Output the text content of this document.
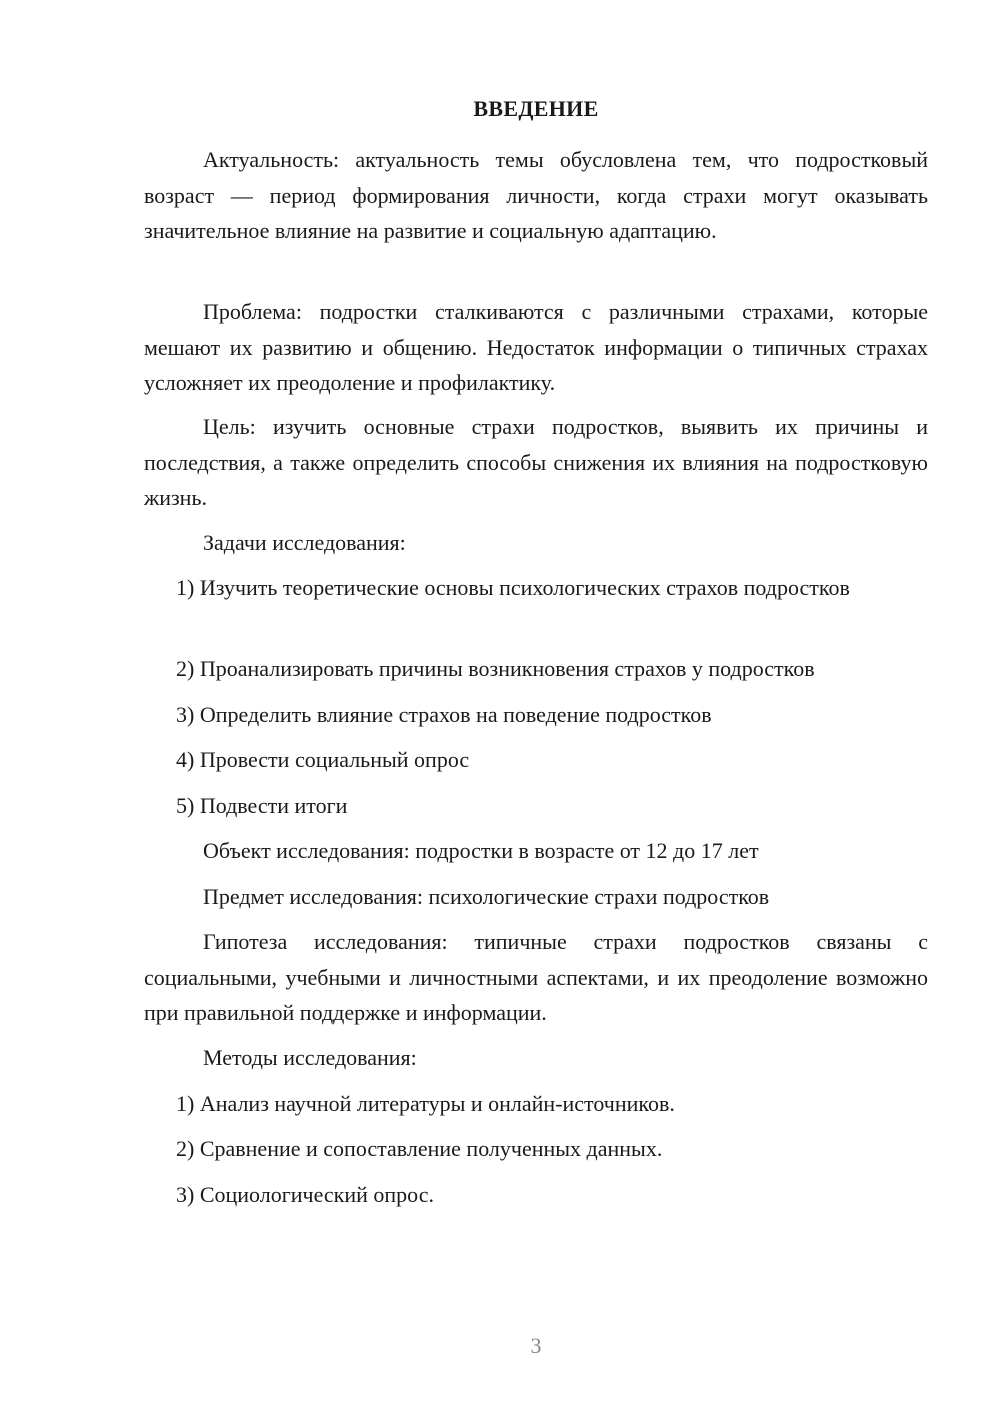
ВВЕДЕНИЕ

Актуальность: актуальность темы обусловлена тем, что подростковый возраст — период формирования личности, когда страхи могут оказывать значительное влияние на развитие и социальную адаптацию.

Проблема: подростки сталкиваются с различными страхами, которые мешают их развитию и общению. Недостаток информации о типичных страхах усложняет их преодоление и профилактику.

Цель: изучить основные страхи подростков, выявить их причины и последствия, а также определить способы снижения их влияния на подростковую жизнь.

Задачи исследования:

1) Изучить теоретические основы психологических страхов подростков

2) Проанализировать причины возникновения страхов у подростков

3) Определить влияние страхов на поведение подростков

4) Провести социальный опрос

5) Подвести итоги

Объект исследования: подростки в возрасте от 12 до 17 лет

Предмет исследования: психологические страхи подростков

Гипотеза исследования: типичные страхи подростков связаны с социальными, учебными и личностными аспектами, и их преодоление возможно при правильной поддержке и информации.

Методы исследования:

1) Анализ научной литературы и онлайн-источников.

2) Сравнение и сопоставление полученных данных.

3) Социологический опрос.

3
